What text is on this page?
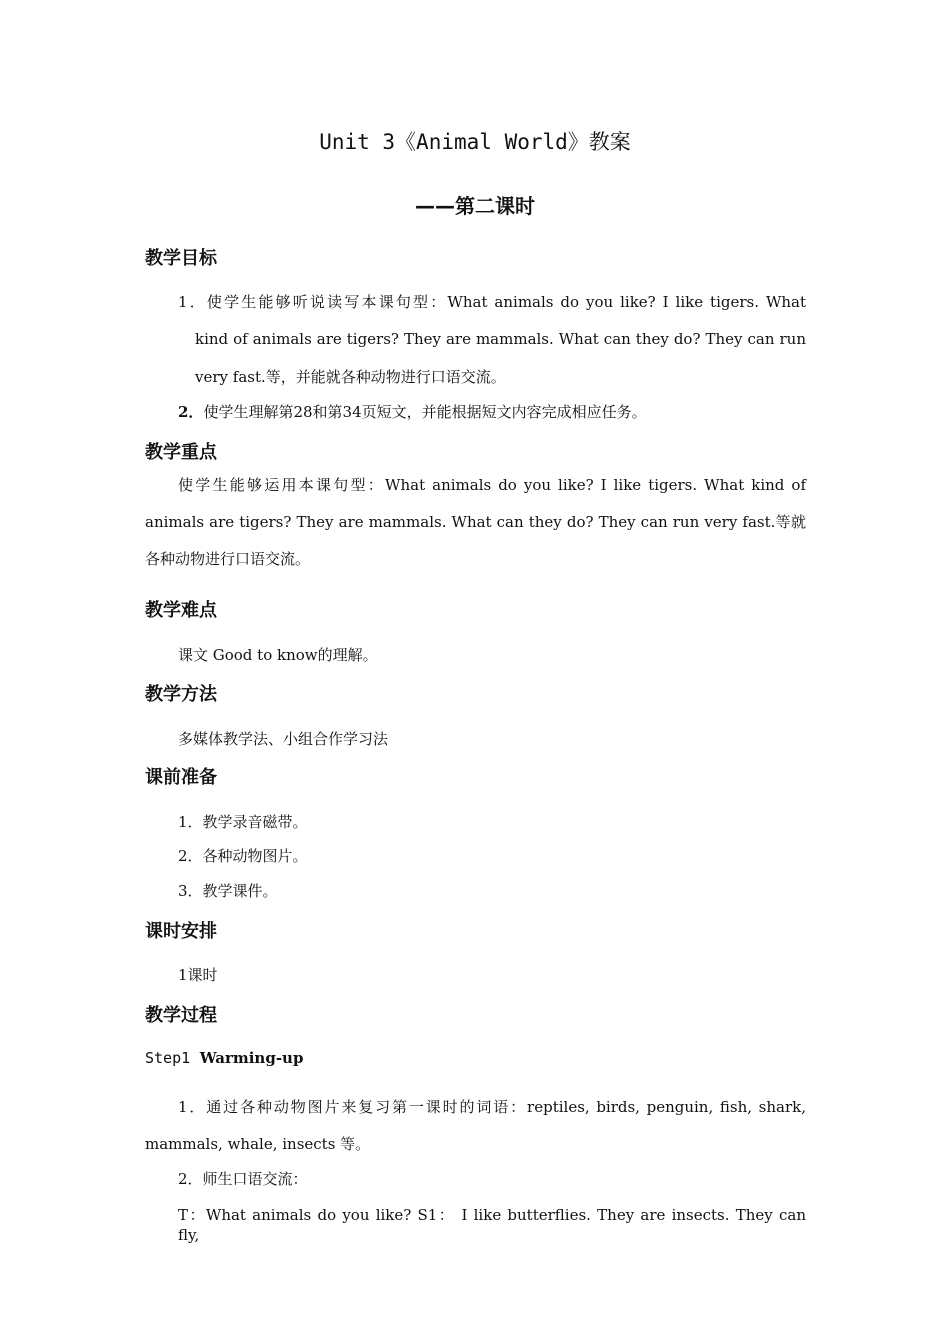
Unit 3《Animal World》教案
——第二课时
教学目标
1．使学生能够听说读写本课句型：What animals do you like? I like tigers. What
kind of animals are tigers? They are mammals. What can they do? They can run
very fast.等，并能就各种动物进行口语交流。
2．使学生理解第28和第34页短文，并能根据短文内容完成相应任务。
教学重点
使学生能够运用本课句型：What animals do you like? I like tigers. What kind of
animals are tigers? They are mammals. What can they do? They can run very fast.等就
各种动物进行口语交流。
教学难点
课文 Good to know的理解。
教学方法
多媒体教学法、小组合作学习法
课前准备
1．教学录音磁带。
2．各种动物图片。
3．教学课件。
课时安排
1课时
教学过程
Step1 Warming-up
1．通过各种动物图片来复习第一课时的词语：reptiles, birds, penguin, fish, shark,
mammals, whale, insects 等。
2．师生口语交流：
T：What animals do you like? S1： I like butterflies. They are insects. They can fly,
